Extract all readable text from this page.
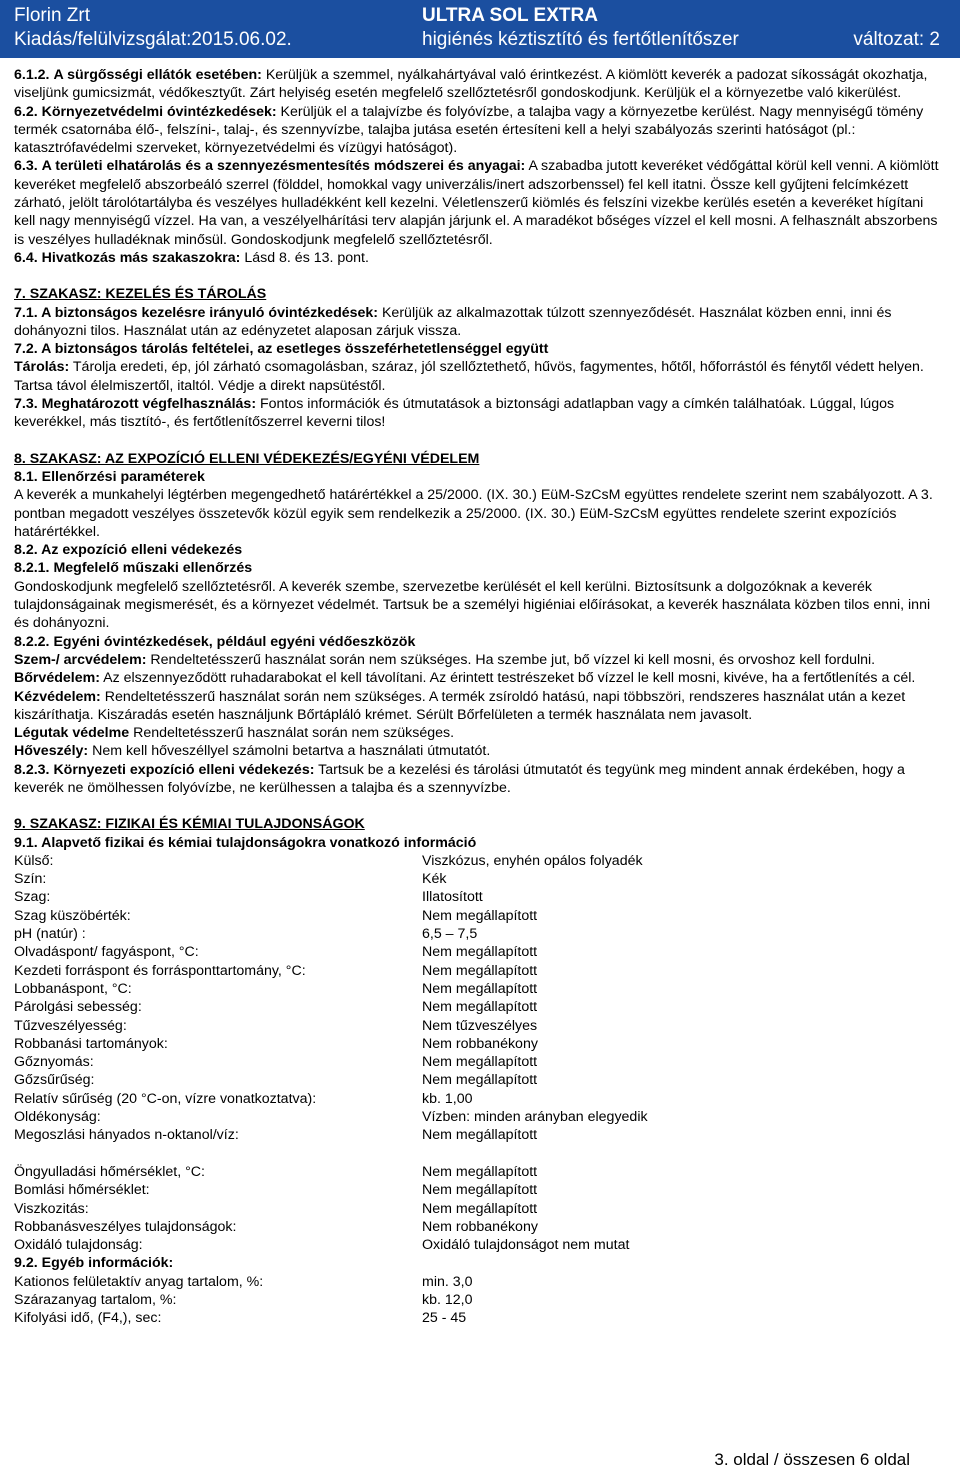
Florin Zrt	ULTRA SOL EXTRA
Kiadás/felülvizsgálat:2015.06.02.	higiénés kéztisztító és fertőtlenítőszer	változat: 2

6.1.2. A sürgősségi ellátók esetében: Kerüljük a szemmel, nyálkahártyával való érintkezést. A kiömlött keverék a padozat síkosságát okozhatja, viseljünk gumicsizmát, védőkesztyűt. Zárt helyiség esetén megfelelő szellőztetésről gondoskodjunk. Kerüljük el a környezetbe való kikerülést.

6.2. Környezetvédelmi óvintézkedések: Kerüljük el a talajvízbe és folyóvízbe, a talajba vagy a környezetbe kerülést. Nagy mennyiségű tömény termék csatornába élő-, felszíni-, talaj-, és szennyvízbe, talajba jutása esetén értesíteni kell a helyi szabályozás szerinti hatóságot (pl.: katasztrófavédelmi szerveket, környezetvédelmi és vízügyi hatóságot).

6.3. A területi elhatárolás és a szennyezésmentesítés módszerei és anyagai: A szabadba jutott keveréket védőgáttal körül kell venni. A kiömlött keveréket megfelelő abszorbeáló szerrel (földdel, homokkal vagy univerzális/inert adszorbenssel) fel kell itatni. Össze kell gyűjteni felcímkézett zárható, jelölt tárolótartályba és veszélyes hulladékként kell kezelni. Véletlenszerű kiömlés és felszíni vizekbe kerülés esetén a keveréket hígítani kell nagy mennyiségű vízzel. Ha van, a veszélyelhárítási terv alapján járjunk el. A maradékot bőséges vízzel el kell mosni. A felhasznált abszorbens is veszélyes hulladéknak minősül. Gondoskodjunk megfelelő szellőztetésről.

6.4. Hivatkozás más szakaszokra: Lásd 8. és 13. pont.

7. SZAKASZ: KEZELÉS ÉS TÁROLÁS

7.1. A biztonságos kezelésre irányuló óvintézkedések: Kerüljük az alkalmazottak túlzott szennyeződését. Használat közben enni, inni és dohányozni tilos. Használat után az edényzetet alaposan zárjuk vissza.

7.2. A biztonságos tárolás feltételei, az esetleges összeférhetetlenséggel együtt

Tárolás: Tárolja eredeti, ép, jól zárható csomagolásban, száraz, jól szellőztethető, hűvös, fagymentes, hőtől, hőforrástól és fénytől védett helyen. Tartsa távol élelmiszertől, italtól. Védje a direkt napsütéstől.

7.3. Meghatározott végfelhasználás: Fontos információk és útmutatások a biztonsági adatlapban vagy a címkén találhatóak. Lúggal, lúgos keverékkel, más tisztító-, és fertőtlenítőszerrel keverni tilos!

8. SZAKASZ: AZ EXPOZÍCIÓ ELLENI VÉDEKEZÉS/EGYÉNI VÉDELEM

8.1. Ellenőrzési paraméterek

A keverék a munkahelyi légtérben megengedhető határértékkel a 25/2000. (IX. 30.) EüM-SzCsM együttes rendelete szerint nem szabályozott. A 3. pontban megadott veszélyes összetevők közül egyik sem rendelkezik a 25/2000. (IX. 30.) EüM-SzCsM együttes rendelete szerint expozíciós határértékkel.

8.2. Az expozíció elleni védekezés

8.2.1. Megfelelő műszaki ellenőrzés

Gondoskodjunk megfelelő szellőztetésről. A keverék szembe, szervezetbe kerülését el kell kerülni. Biztosítsunk a dolgozóknak a keverék tulajdonságainak megismerését, és a környezet védelmét. Tartsuk be a személyi higiéniai előírásokat, a keverék használata közben tilos enni, inni és dohányozni.

8.2.2. Egyéni óvintézkedések, például egyéni védőeszközök

Szem-/ arcvédelem: Rendeltetésszerű használat során nem szükséges. Ha szembe jut, bő vízzel ki kell mosni, és orvoshoz kell fordulni.

Bőrvédelem: Az elszennyeződött ruhadarabokat el kell távolítani. Az érintett testrészeket bő vízzel le kell mosni, kivéve, ha a fertőtlenítés a cél.

Kézvédelem: Rendeltetésszerű használat során nem szükséges. A termék zsíroldó hatású, napi többszöri, rendszeres használat után a kezet kiszáríthatja. Kiszáradás esetén használjunk Bőrtápláló krémet. Sérült Bőrfelületen a termék használata nem javasolt.

Légutak védelme Rendeltetésszerű használat során nem szükséges.

Hőveszély: Nem kell hőveszéllyel számolni betartva a használati útmutatót.

8.2.3. Környezeti expozíció elleni védekezés: Tartsuk be a kezelési és tárolási útmutatót és tegyünk meg mindent annak érdekében, hogy a keverék ne ömölhessen folyóvízbe, ne kerülhessen a talajba és a szennyvízbe.

9. SZAKASZ: FIZIKAI ÉS KÉMIAI TULAJDONSÁGOK

9.1. Alapvető fizikai és kémiai tulajdonságokra vonatkozó információ

Külső:	Viszkózus, enyhén opálos folyadék
Szín:	Kék
Szag:	Illatosított
Szag küszöbérték:	Nem megállapított
pH (natúr) :	6,5 – 7,5
Olvadáspont/ fagyáspont, °C:	Nem megállapított
Kezdeti forráspont és forrásponttartomány, °C:	Nem megállapított
Lobbanáspont, °C:	Nem megállapított
Párolgási sebesség:	Nem megállapított
Tűzveszélyesség:	Nem tűzveszélyes
Robbanási tartományok:	Nem robbanékony
Gőznyomás:	Nem megállapított
Gőzsűrűség:	Nem megállapított
Relatív sűrűség (20 °C-on, vízre vonatkoztatva):	kb. 1,00
Oldékonyság:	Vízben: minden arányban elegyedik
Megoszlási hányados n-oktanol/víz:	Nem megállapított
Öngyulladási hőmérséklet, °C:	Nem megállapított
Bomlási hőmérséklet:	Nem megállapított
Viszkozitás:	Nem megállapított
Robbanásveszélyes tulajdonságok:	Nem robbanékony
Oxidáló tulajdonság:	Oxidáló tulajdonságot nem mutat

9.2. Egyéb információk:

Kationos felületaktív anyag tartalom, %:	min. 3,0
Szárazanyag tartalom, %:	kb. 12,0
Kifolyási idő, (F4,), sec:	25 - 45
3. oldal / összesen 6 oldal
